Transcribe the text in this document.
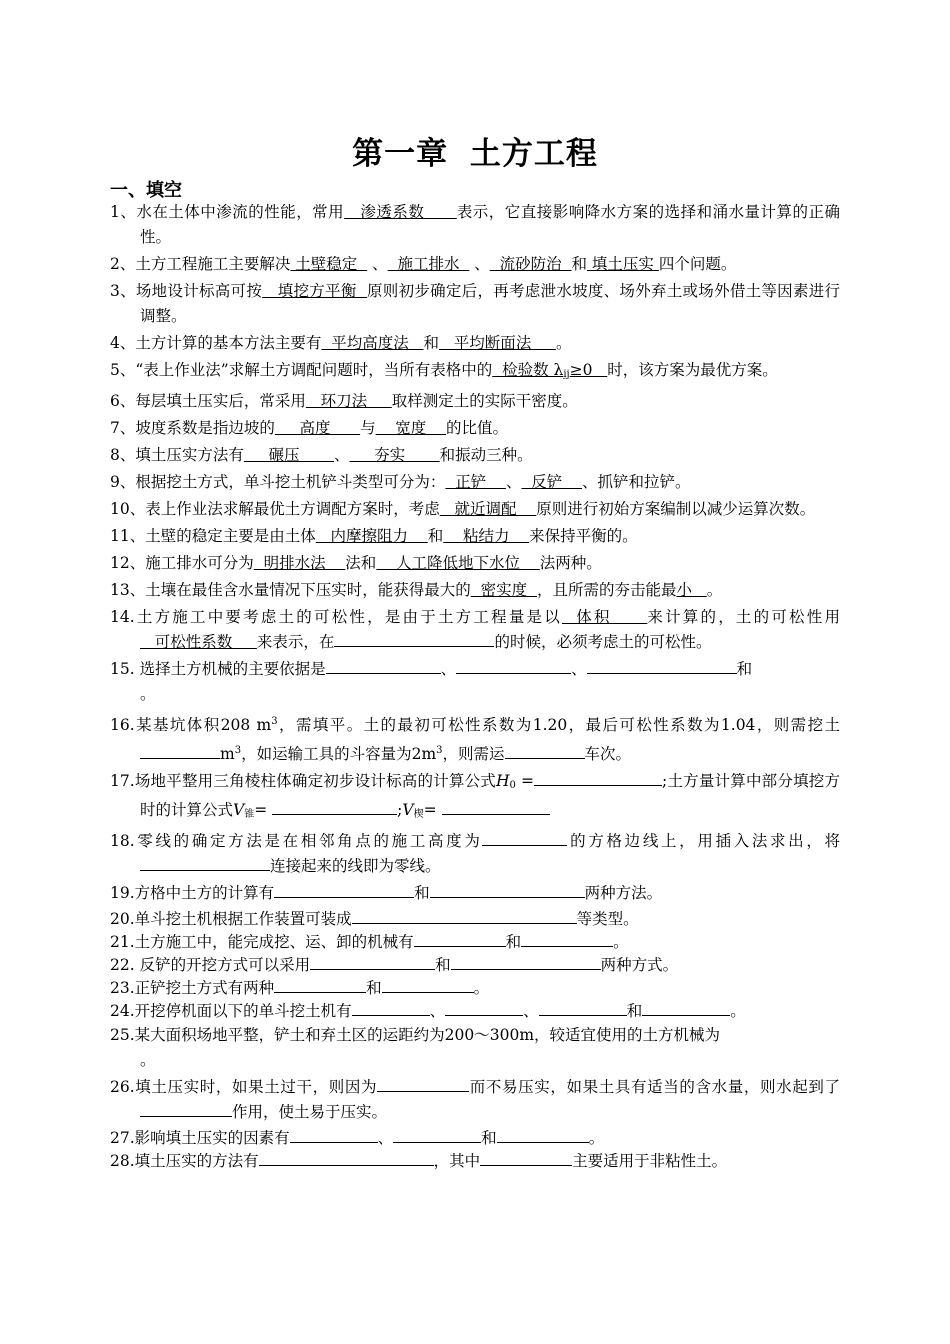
第一章 土方工程
一、填空
1、水在土体中渗流的性能，常用   渗透系数      表示，它直接影响降水方案的选择和涌水量计算的正确性。
2、土方工程施工主要解决 土壁稳定   、  施工排水   、  流砂防治  和 填土压实 四个问题。
3、场地设计标高可按   填挖方平衡  原则初步确定后，再考虑泄水坡度、场外弃土或场外借土等因素进行调整。
4、土方计算的基本方法主要有  平均高度法   和   平均断面法     。
5、“表上作业法”求解土方调配问题时，当所有表格中的  检验数 $\lambda_{ij}\ge 0$   时，该方案为最优方案。
6、每层填土压实后，常采用   环刀法     取样测定土的实际干密度。
7、坡度系数是指边坡的     高度      与    宽度    的比值。
8、填土压实方法有     碾压       、     夯实       和振动三种。
9、根据挖土方式，单斗挖土机铲斗类型可分为：  正铲    、  反铲    、抓铲和拉铲。
10、表上作业法求解最优土方调配方案时，考虑   就近调配    原则进行初始方案编制以减少运算次数。
11、土壁的稳定主要是由土体   内摩擦阻力    和    粘结力    来保持平衡的。
12、施工排水可分为  明排水法    法和    人工降低地下水位    法两种。
13、土壤在最佳含水量情况下压实时，能获得最大的  密实度  ，且所需的夯击能最小   。
14.土方施工中要考虑土的可松性，是由于土方工程量是以  体积     来计算的，土的可松性用   可松性系数     来表示，在	的时候，必须考虑土的可松性。
15. 选择土方机械的主要依据是	、	、	和
。
16.某基坑体积208 $m^3$，需填平。土的最初可松性系数为1.20，最后可松性系数为1.04，则需挖土$m^3$，如运输工具的斗容量为$2m^3$，则需运	车次。
17.场地平整用三角棱柱体确定初步设计标高的计算公式$H_0$ =	;土方量计算中部分填挖方时的计算公式$V_锥=$	$;V_楔=$
18.零线的确定方法是在相邻角点的施工高度为	的方格边线上，用插入法求出，将连接起来的线即为零线。
19.方格中土方的计算有	和	两种方法。
20.单斗挖土机根据工作装置可装成	等类型。
21.土方施工中，能完成挖、运、卸的机械有	和	。
22. 反铲的开挖方式可以采用	和	两种方式。
23.正铲挖土方式有两种	和	。
24.开挖停机面以下的单斗挖土机有	、	、	和	。
25.某大面积场地平整，铲土和弃土区的运距约为200～300m，较适宜使用的土方机械为
。
26.填土压实时，如果土过干，则因为	而不易压实，如果土具有适当的含水量，则水起到了作用，使土易于压实。
27.影响填土压实的因素有	、	和	。
28.填土压实的方法有	，其中	主要适用于非粘性土。
